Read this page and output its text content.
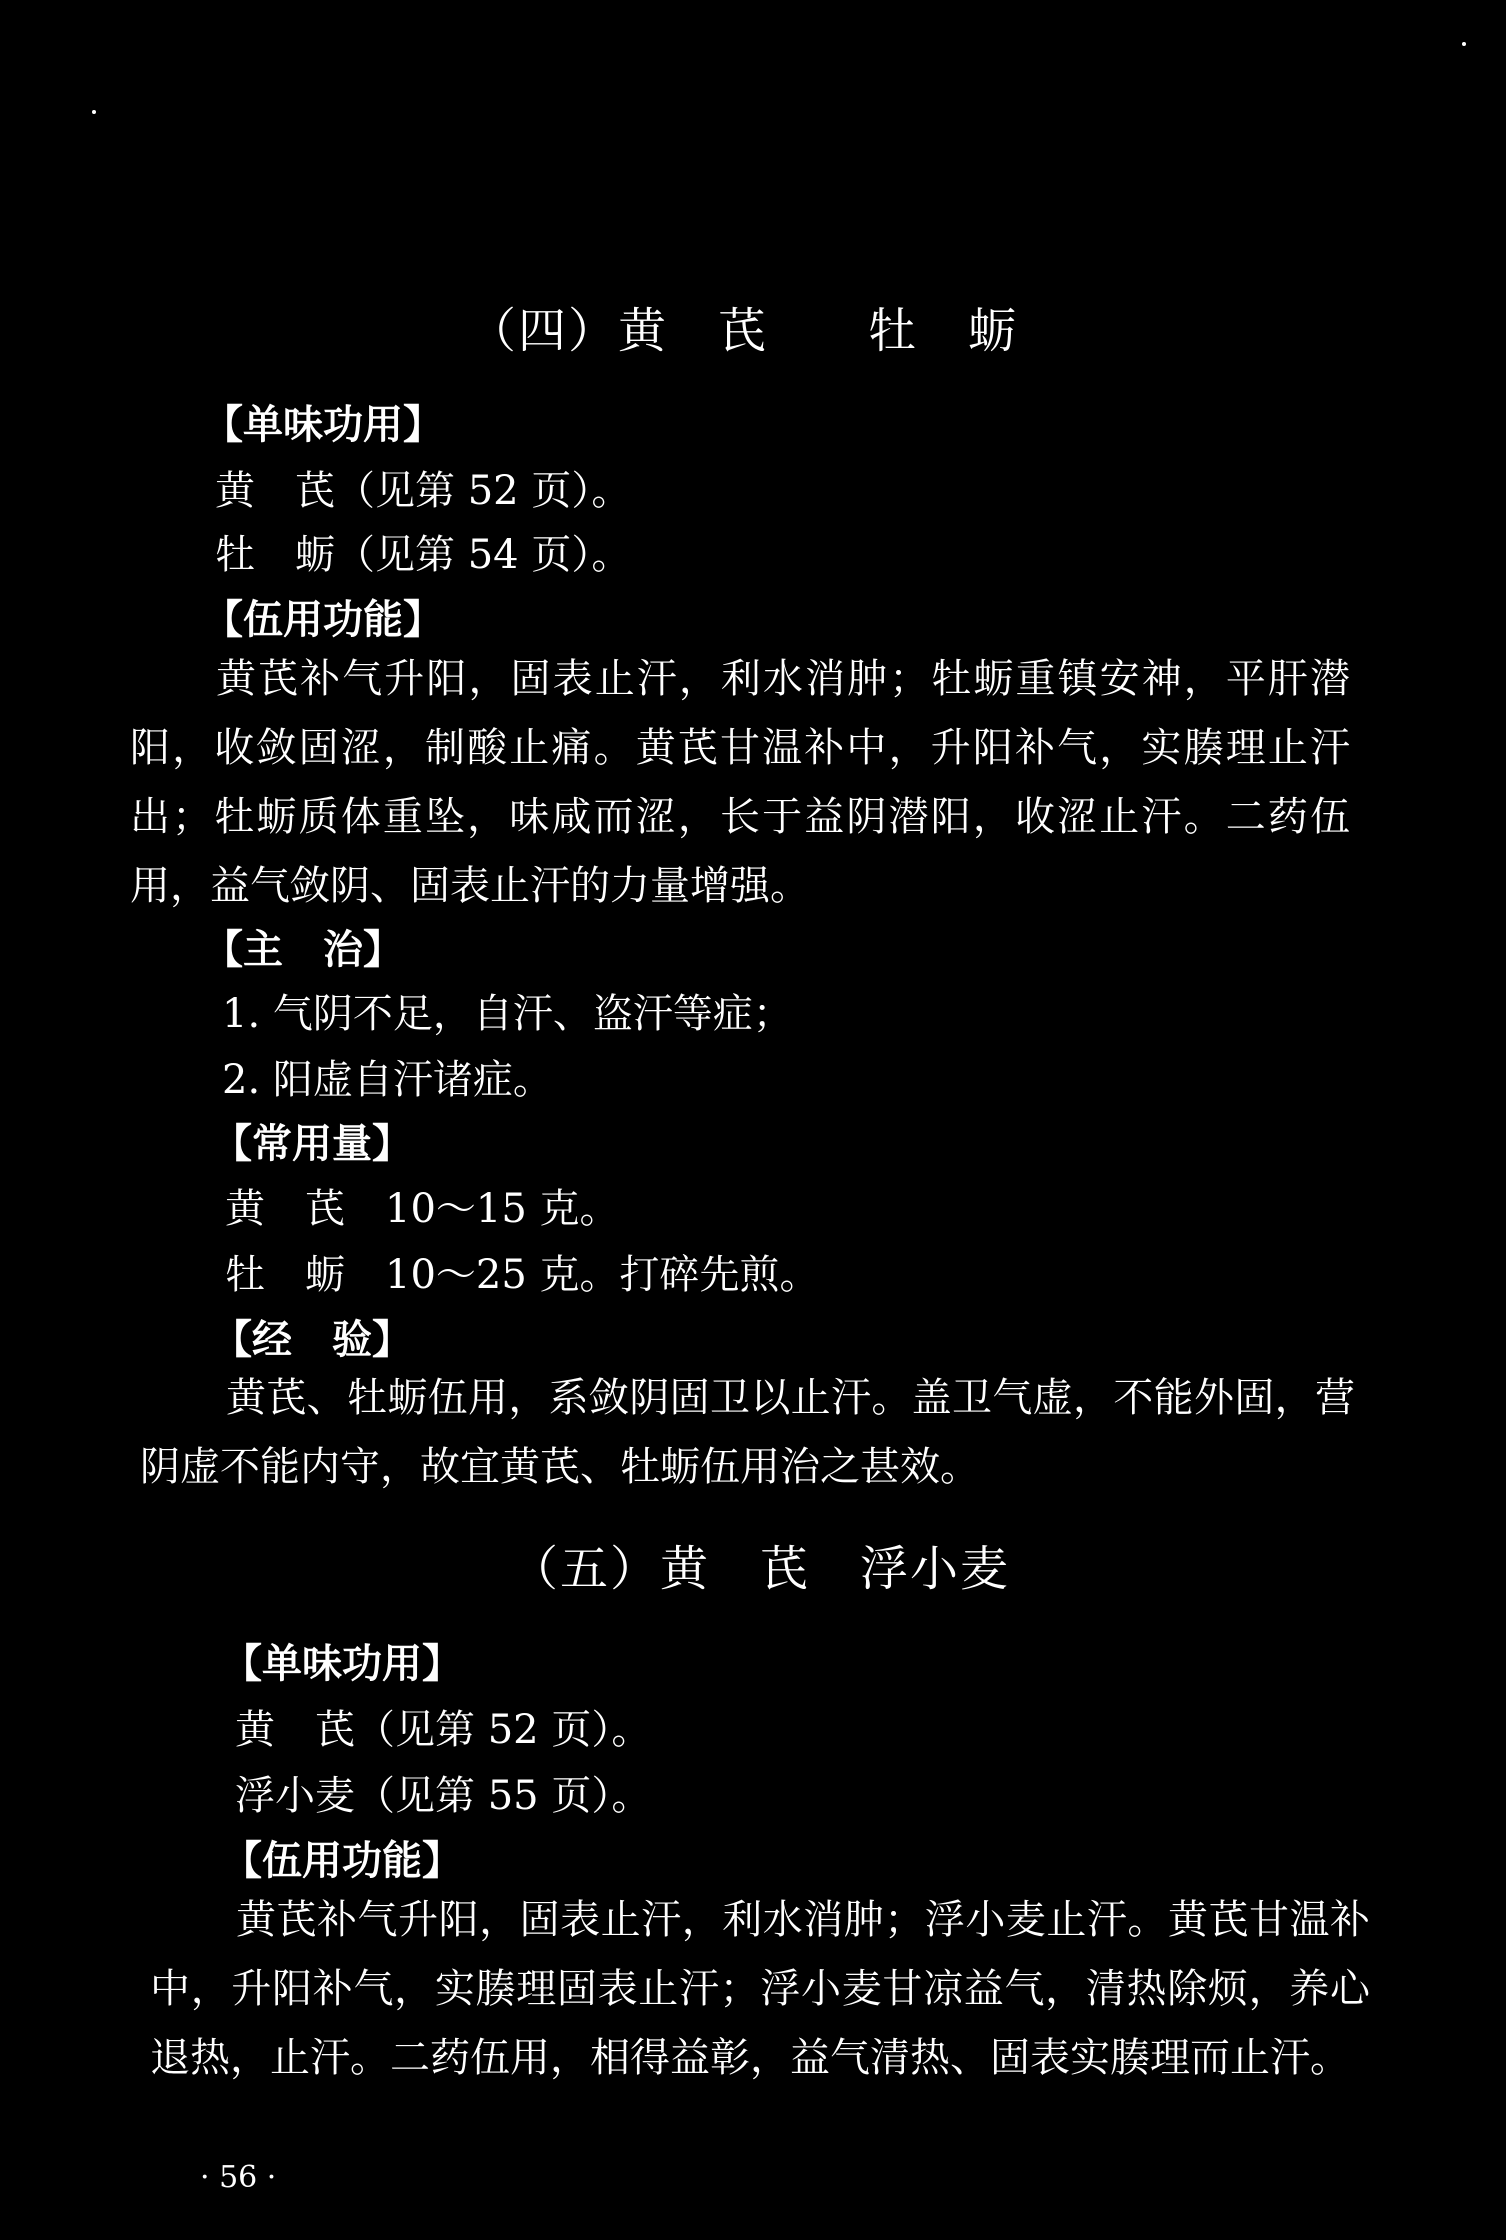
（四）黄　芪　　牡　蛎
【单味功用】
黄　芪（见第 52 页）。
牡　蛎（见第 54 页）。
【伍用功能】
黄芪补气升阳，固表止汗，利水消肿；牡蛎重镇安神，平肝潜阳，收敛固涩，制酸止痛。黄芪甘温补中，升阳补气，实腠理止汗出；牡蛎质体重坠，味咸而涩，长于益阴潜阳，收涩止汗。二药伍用，益气敛阴、固表止汗的力量增强。
【主　治】
1. 气阴不足，自汗、盗汗等症；
2. 阳虚自汗诸症。
【常用量】
黄　芪　10～15 克。
牡　蛎　10～25 克。打碎先煎。
【经　验】
黄芪、牡蛎伍用，系敛阴固卫以止汗。盖卫气虚，不能外固，营阴虚不能内守，故宜黄芪、牡蛎伍用治之甚效。
（五）黄　芪　浮小麦
【单味功用】
黄　芪（见第 52 页）。
浮小麦（见第 55 页）。
【伍用功能】
黄芪补气升阳，固表止汗，利水消肿；浮小麦止汗。黄芪甘温补中，升阳补气，实腠理固表止汗；浮小麦甘凉益气，清热除烦，养心退热，止汗。二药伍用，相得益彰，益气清热、固表实腠理而止汗。
· 56 ·
